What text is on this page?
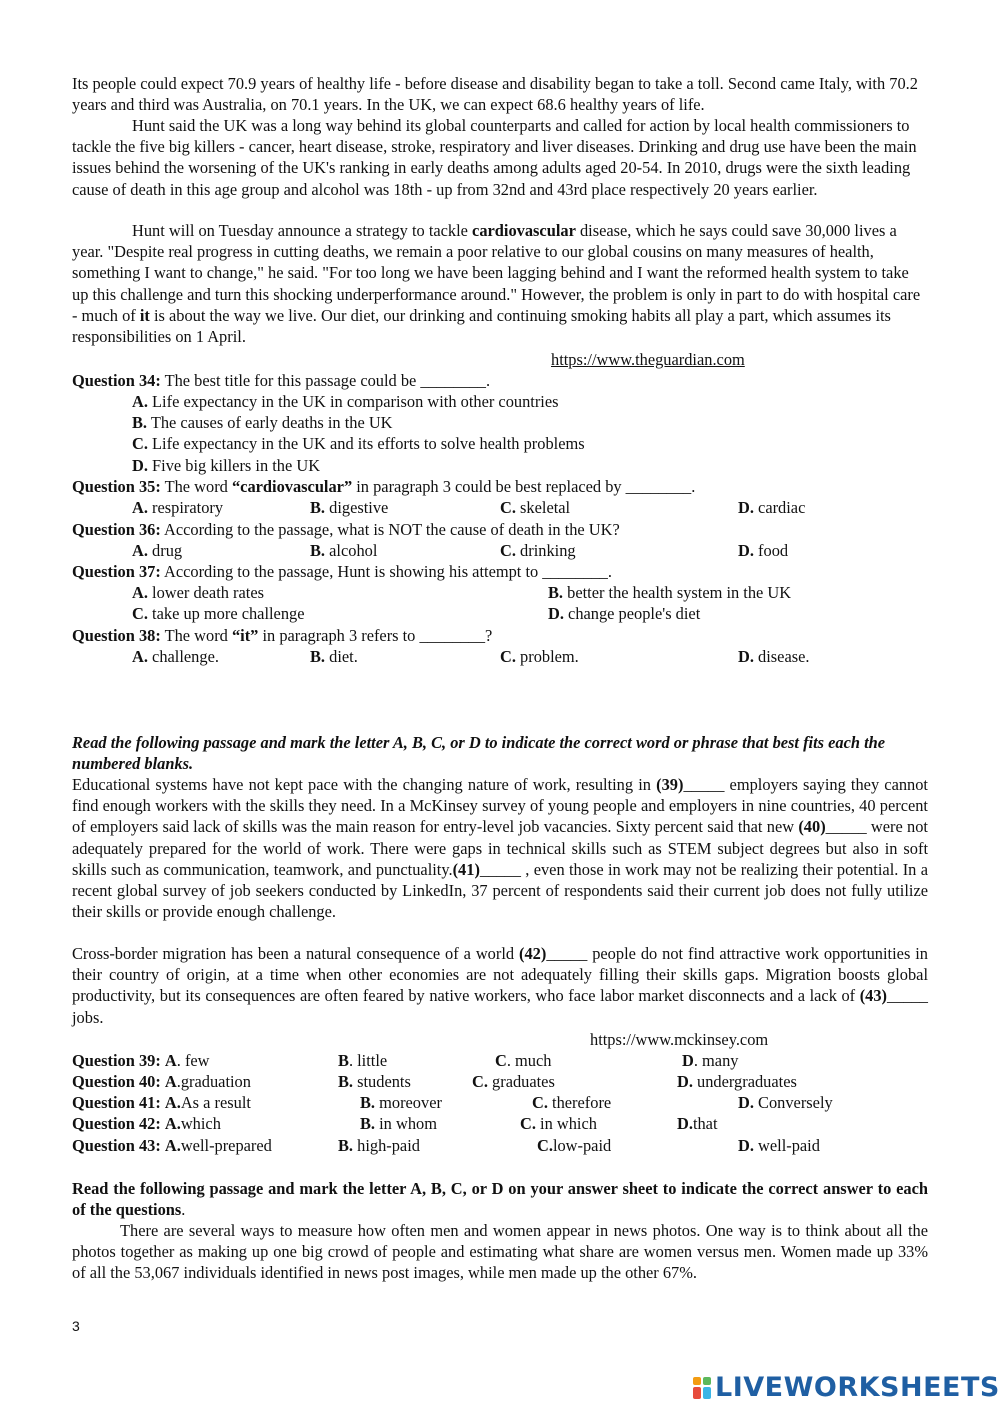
Its people could expect 70.9 years of healthy life - before disease and disability began to take a toll. Second came Italy, with 70.2 years and third was Australia, on 70.1 years. In the UK, we can expect 68.6 healthy years of life.

Hunt said the UK was a long way behind its global counterparts and called for action by local health commissioners to tackle the five big killers - cancer, heart disease, stroke, respiratory and liver diseases. Drinking and drug use have been the main issues behind the worsening of the UK's ranking in early deaths among adults aged 20-54. In 2010, drugs were the sixth leading cause of death in this age group and alcohol was 18th - up from 32nd and 43rd place respectively 20 years earlier.

Hunt will on Tuesday announce a strategy to tackle cardiovascular disease, which he says could save 30,000 lives a year. "Despite real progress in cutting deaths, we remain a poor relative to our global cousins on many measures of health, something I want to change," he said. "For too long we have been lagging behind and I want the reformed health system to take up this challenge and turn this shocking underperformance around." However, the problem is only in part to do with hospital care - much of it is about the way we live. Our diet, our drinking and continuing smoking habits all play a part, which assumes its responsibilities on 1 April.

https://www.theguardian.com
Question 34: The best title for this passage could be ________.
A. Life expectancy in the UK in comparison with other countries
B. The causes of early deaths in the UK
C. Life expectancy in the UK and its efforts to solve health problems
D. Five big killers in the UK
Question 35: The word “cardiovascular” in paragraph 3 could be best replaced by ________.
A. respiratory	B. digestive	C. skeletal	D. cardiac
Question 36: According to the passage, what is NOT the cause of death in the UK?
A. drug	B. alcohol	C. drinking	D. food
Question 37: According to the passage, Hunt is showing his attempt to ________.
A. lower death rates	B. better the health system in the UK
C. take up more challenge	D. change people's diet
Question 38: The word “it” in paragraph 3 refers to ________?
A. challenge.	B. diet.	C. problem.	D. disease.

Read the following passage and mark the letter A, B, C, or D to indicate the correct word or phrase that best fits each the numbered blanks.

Educational systems have not kept pace with the changing nature of work, resulting in (39)_____ employers saying they cannot find enough workers with the skills they need. In a McKinsey survey of young people and employers in nine countries, 40 percent of employers said lack of skills was the main reason for entry-level job vacancies. Sixty percent said that new (40)_____ were not adequately prepared for the world of work. There were gaps in technical skills such as STEM subject degrees but also in soft skills such as communication, teamwork, and punctuality.(41)_____ , even those in work may not be realizing their potential. In a recent global survey of job seekers conducted by LinkedIn, 37 percent of respondents said their current job does not fully utilize their skills or provide enough challenge.

Cross-border migration has been a natural consequence of a world (42)_____ people do not find attractive work opportunities in their country of origin, at a time when other economies are not adequately filling their skills gaps. Migration boosts global productivity, but its consequences are often feared by native workers, who face labor market disconnects and a lack of (43)_____ jobs.

https://www.mckinsey.com
Question 39: A. few	B. little	C. much	D. many
Question 40: A.graduation	B. students	C. graduates	D. undergraduates
Question 41: A.As a result	B. moreover	C. therefore	D. Conversely
Question 42: A.which	B. in whom	C. in which	D.that
Question 43: A.well-prepared	B. high-paid	C.low-paid	D. well-paid

Read the following passage and mark the letter A, B, C, or D on your answer sheet to indicate the correct answer to each of the questions.

There are several ways to measure how often men and women appear in news photos. One way is to think about all the photos together as making up one big crowd of people and estimating what share are women versus men. Women made up 33% of all the 53,067 individuals identified in news post images, while men made up the other 67%.

3
LIVEWORKSHEETS
